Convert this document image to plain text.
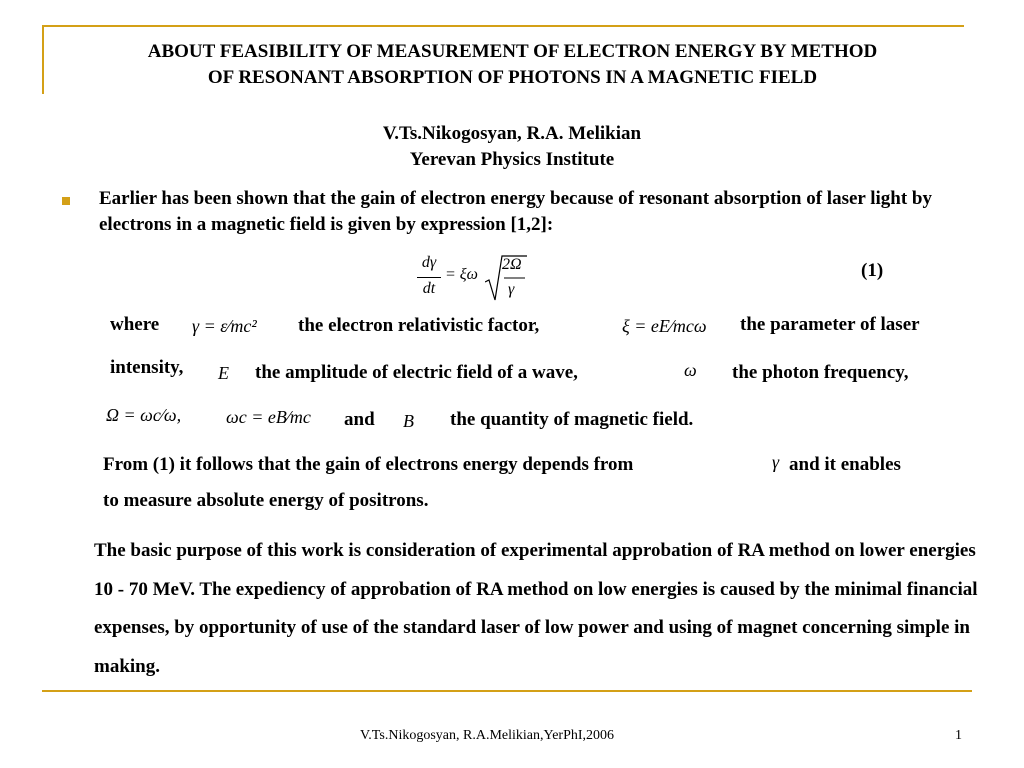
ABOUT FEASIBILITY OF MEASUREMENT OF ELECTRON ENERGY BY METHOD
OF RESONANT ABSORPTION OF PHOTONS IN A MAGNETIC FIELD
V.Ts.Nikogosyan, R.A. Melikian
Yerevan Physics Institute
Earlier has been shown that the gain of electron energy because of resonant absorption of laser light by electrons in a magnetic field is given by expression [1,2]:
dγ
dt
= ξω
2Ω
γ
(1)
where γ = ε⁄mc² the electron relativistic factor,	ξ = eE⁄mcω the parameter of laser
intensity, E the amplitude of electric field of a wave,	ω the photon frequency,
Ω = ωc⁄ω, ωc = eB⁄mc and B the quantity of magnetic field.
From (1) it follows that the gain of electrons energy depends from	γ and it enables
to measure absolute energy of positrons.
The basic purpose of this work is consideration of experimental approbation of RA method on lower energies 10 - 70 MeV. The expediency of approbation of RA method on low energies is caused by the minimal financial expenses, by opportunity of use of the standard laser of low power and using of magnet concerning simple in making.
V.Ts.Nikogosyan, R.A.Melikian,YerPhI,2006	1
